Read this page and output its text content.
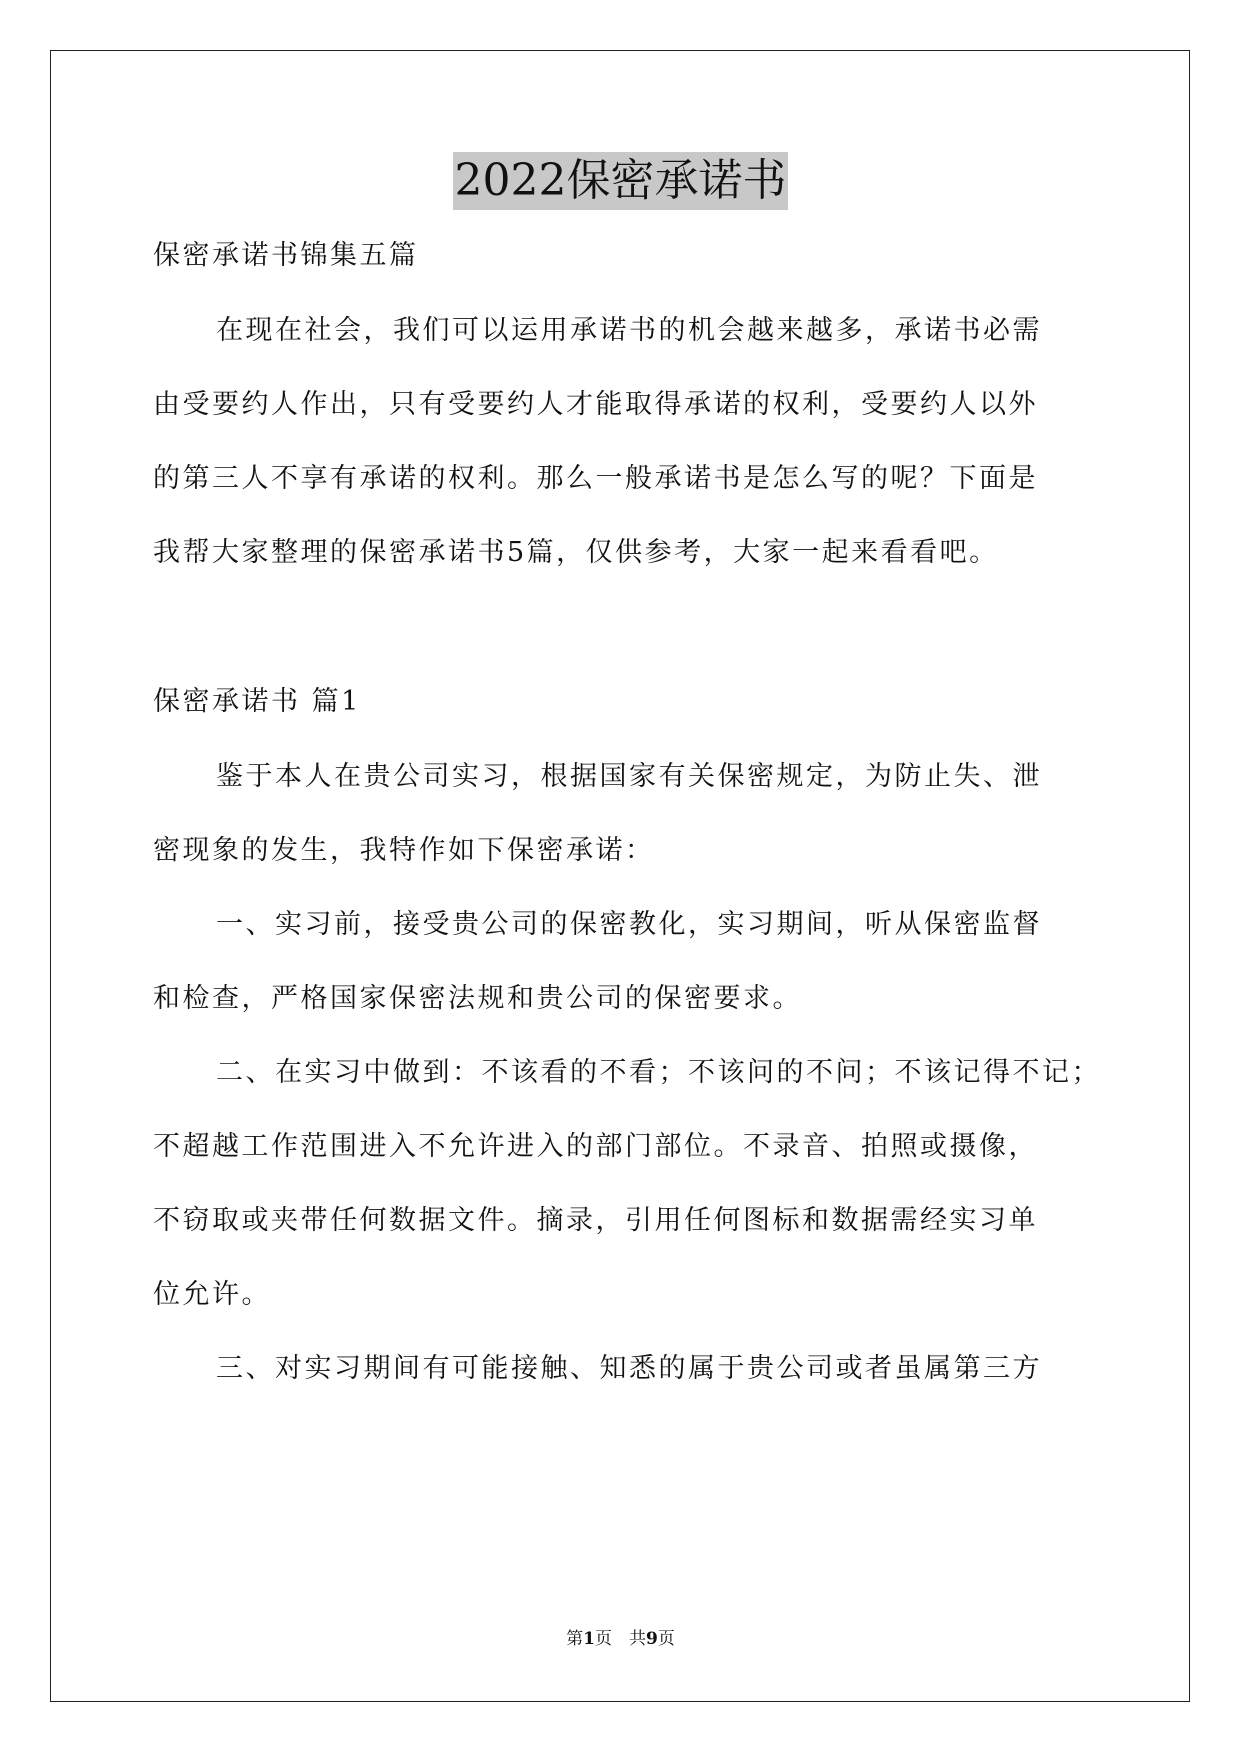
2022保密承诺书
保密承诺书锦集五篇
在现在社会，我们可以运用承诺书的机会越来越多，承诺书必需
由受要约人作出，只有受要约人才能取得承诺的权利，受要约人以外
的第三人不享有承诺的权利。那么一般承诺书是怎么写的呢？下面是
我帮大家整理的保密承诺书5篇，仅供参考，大家一起来看看吧。
保密承诺书 篇1
鉴于本人在贵公司实习，根据国家有关保密规定，为防止失、泄
密现象的发生，我特作如下保密承诺：
一、实习前，接受贵公司的保密教化，实习期间，听从保密监督
和检查，严格国家保密法规和贵公司的保密要求。
二、在实习中做到：不该看的不看；不该问的不问；不该记得不记；
不超越工作范围进入不允许进入的部门部位。不录音、拍照或摄像，
不窃取或夹带任何数据文件。摘录，引用任何图标和数据需经实习单
位允许。
三、对实习期间有可能接触、知悉的属于贵公司或者虽属第三方
第1页　共9页
